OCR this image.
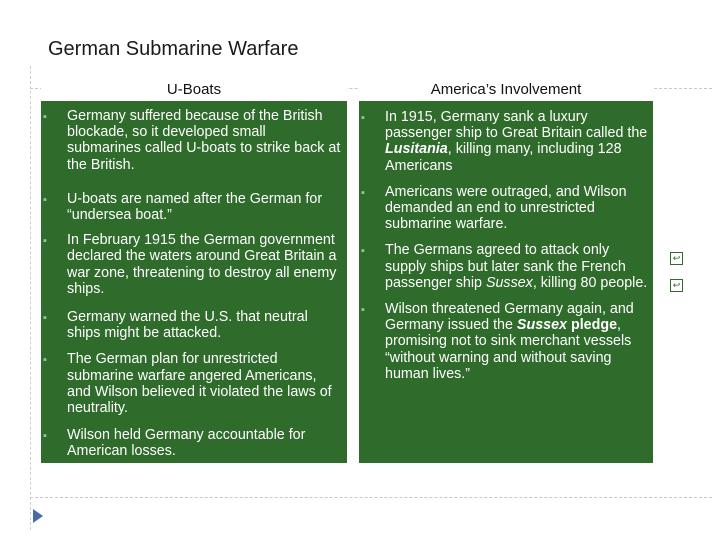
German Submarine Warfare
U-Boats

▪ Germany suffered because of the British blockade, so it developed small submarines called U-boats to strike back at the British.

▪ U-boats are named after the German for “undersea boat.”

▪ In February 1915 the German government declared the waters around Great Britain a war zone, threatening to destroy all enemy ships.

▪ Germany warned the U.S. that neutral ships might be attacked.

▪ The German plan for unrestricted submarine warfare angered Americans, and Wilson believed it violated the laws of neutrality.

▪ Wilson held Germany accountable for American losses.

America’s Involvement

▪ In 1915, Germany sank a luxury passenger ship to Great Britain called the Lusitania, killing many, including 128 Americans

▪ Americans were outraged, and Wilson demanded an end to unrestricted submarine warfare.

▪ The Germans agreed to attack only supply ships but later sank the French passenger ship Sussex, killing 80 people.

▪ Wilson threatened Germany again, and Germany issued the Sussex pledge, promising not to sink merchant vessels “without warning and without saving human lives.”

↩
↩
